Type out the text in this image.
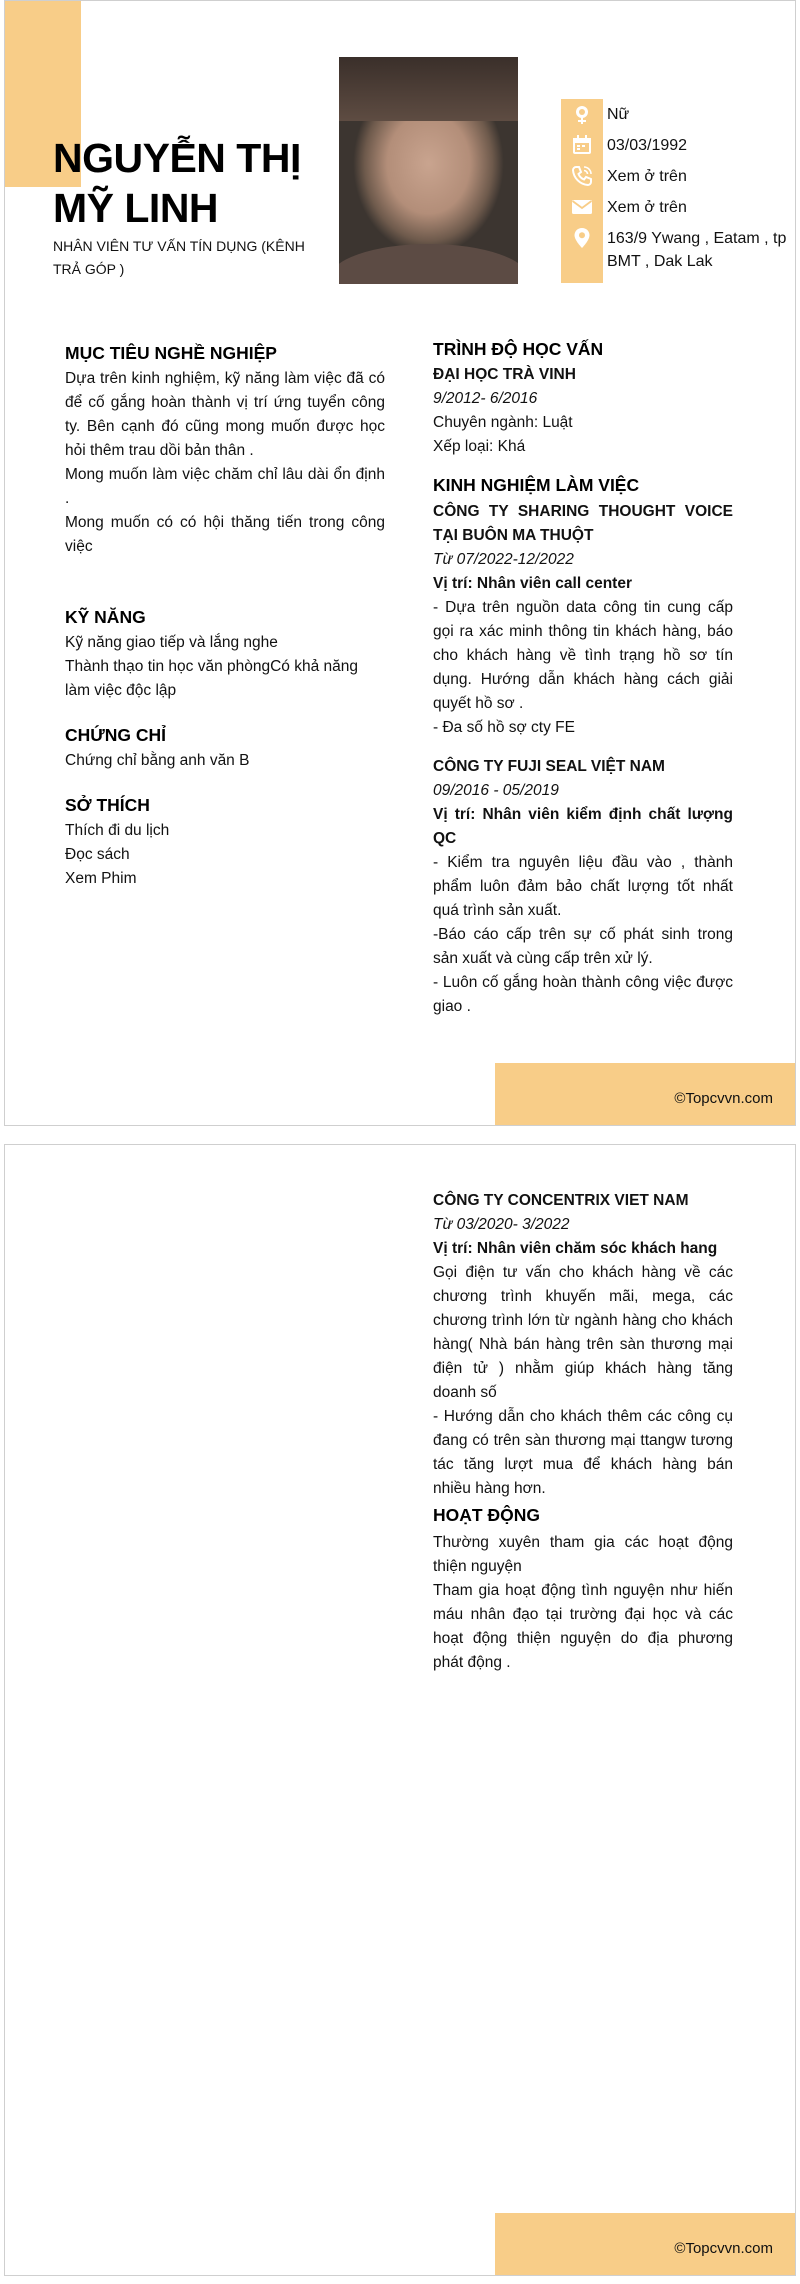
NGUYỄN THỊ
MỸ LINH
NHÂN VIÊN TƯ VẤN TÍN DỤNG (KÊNH TRẢ GÓP )
Nữ
03/03/1992
Xem ở trên
Xem ở trên
163/9 Ywang , Eatam , tp BMT , Dak Lak
MỤC TIÊU NGHỀ NGHIỆP
Dựa trên kinh nghiệm, kỹ năng làm việc đã có để cố gắng hoàn thành vị trí ứng tuyển công ty. Bên cạnh đó cũng mong muốn được học hỏi thêm trau dồi bản thân .
Mong muốn làm việc chăm chỉ lâu dài ổn định .
Mong muốn có có hội thăng tiến trong công việc
KỸ NĂNG
Kỹ năng giao tiếp và lắng nghe
Thành thạo tin học văn phòngCó khả năng làm việc độc lập
CHỨNG CHỈ
Chứng chỉ bằng anh văn B
SỞ THÍCH
Thích đi du lịch
Đọc sách
Xem Phim
TRÌNH ĐỘ HỌC VẤN
ĐẠI HỌC TRÀ VINH
9/2012- 6/2016
Chuyên ngành: Luật
Xếp loại: Khá
KINH NGHIỆM LÀM VIỆC
CÔNG TY SHARING THOUGHT VOICE TẠI BUÔN MA THUỘT
Từ 07/2022-12/2022
Vị trí: Nhân viên call center
- Dựa trên nguồn data công tin cung cấp gọi ra xác minh thông tin khách hàng, báo cho khách hàng về tình trạng hồ sơ tín dụng. Hướng dẫn khách hàng cách giải quyết hồ sơ .
- Đa số hồ sợ cty FE
CÔNG TY FUJI SEAL VIỆT NAM
09/2016 - 05/2019
Vị trí: Nhân viên kiểm định chất lượng QC
- Kiểm tra nguyên liệu đầu vào , thành phẩm luôn đảm bảo chất lượng tốt nhất quá trình sản xuất.
-Báo cáo cấp trên sự cố phát sinh trong sản xuất và cùng cấp trên xử lý.
- Luôn cố gắng hoàn thành công việc được giao .
©Topcvvn.com
CÔNG TY CONCENTRIX VIET NAM
Từ 03/2020- 3/2022
Vị trí: Nhân viên chăm sóc khách hang
Gọi điện tư vấn cho khách hàng về các chương trình khuyến mãi, mega, các chương trình lớn từ ngành hàng cho khách hàng( Nhà bán hàng trên sàn thương mại điện tử ) nhằm giúp khách hàng tăng doanh số
- Hướng dẫn cho khách thêm các công cụ đang có trên sàn thương mại ttangw tương tác tăng lượt mua để khách hàng bán nhiều hàng hơn.
HOẠT ĐỘNG
Thường xuyên tham gia các hoạt động thiện nguyện
Tham gia hoạt động tình nguyện như hiến máu nhân đạo tại trường đại học và các hoạt động thiện nguyện do địa phương phát động .
©Topcvvn.com
